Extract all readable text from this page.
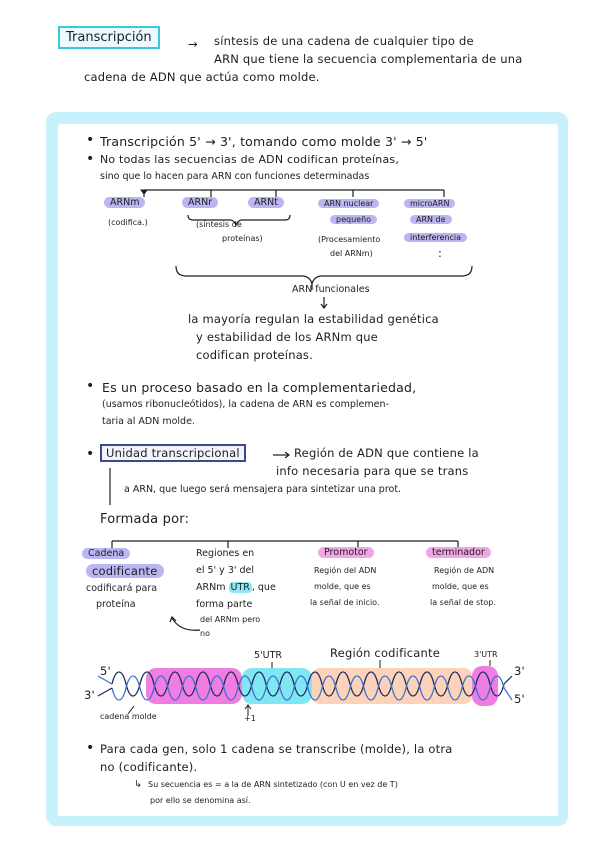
Transcripción	→ síntesis de una cadena de cualquier tipo de
ARN que tiene la secuencia complementaria de una
cadena de ADN que actúa como molde.
• Transcripción 5' → 3', tomando como molde 3' → 5'
• No todas las secuencias de ADN codifican proteínas,
sino que lo hacen para ARN con funciones determinadas
ARNm
(codifica.)
ARNr	ARNt
(síntesis de
proteínas)
ARN nuclear
pequeño
(Procesamiento
del ARNm)
microARN
ARN de
interferencia
:
ARN funcionales
la mayoría regulan la estabilidad genética
y estabilidad de los ARNm que
codifican proteínas.
• Es un proceso basado en la complementariedad,
(usamos ribonucleótidos), la cadena de ARN es complemen-
taria al ADN molde.
•	Unidad transcripcional	Región de ADN que contiene la
info necesaria para que se trans
a ARN, que luego será mensajera para sintetizar una prot.
Formada por:
Cadena
codificante
codificará para
proteína
Regiones en
el 5' y 3' del
ARNm UTR , que
forma parte
del ARNm pero
no
Promotor
Región del ADN
molde, que es
la señal de inicio.
terminador
Región de ADN
molde, que es
la señal de stop.
5'
3'
3'
5'
5'UTR	Región codificante	3'UTR
cadena molde	+1
• Para cada gen, solo 1 cadena se transcribe (molde), la otra
no (codificante).
↳ Su secuencia es = a la de ARN sintetizado (con U en vez de T)
por ello se denomina así.
